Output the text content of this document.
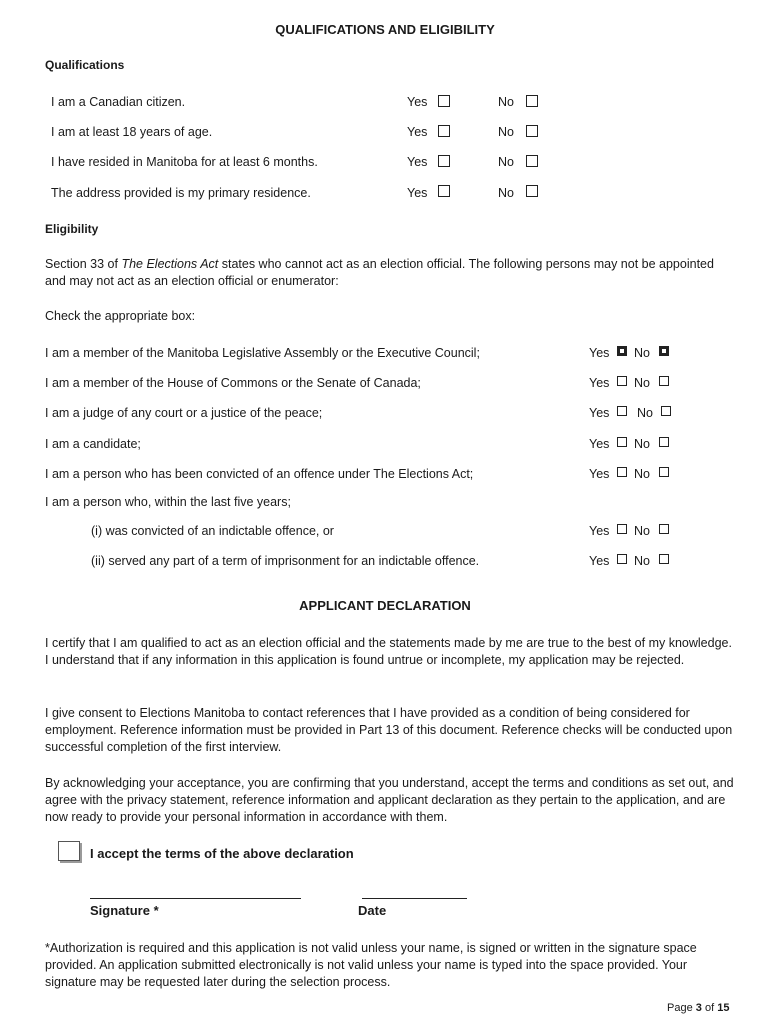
QUALIFICATIONS AND ELIGIBILITY
Qualifications
I am a Canadian citizen.	Yes	No
I am at least 18 years of age.	Yes	No
I have resided in Manitoba for at least 6 months.	Yes	No
The address provided is my primary residence.	Yes	No
Eligibility
Section 33 of The Elections Act states who cannot act as an election official. The following persons may not be appointed and may not act as an election official or enumerator:
Check the appropriate box:
I am a member of the Manitoba Legislative Assembly or the Executive Council;	Yes No
I am a member of the House of Commons or the Senate of Canada;	Yes No
I am a judge of any court or a justice of the peace;	Yes No
I am a candidate;	Yes No
I am a person who has been convicted of an offence under The Elections Act;	Yes No
I am a person who, within the last five years;
(i) was convicted of an indictable offence, or	Yes No
(ii) served any part of a term of imprisonment for an indictable offence.	Yes No
APPLICANT DECLARATION
I certify that I am qualified to act as an election official and the statements made by me are true to the best of my knowledge. I understand that if any information in this application is found untrue or incomplete, my application may be rejected.
I give consent to Elections Manitoba to contact references that I have provided as a condition of being considered for employment. Reference information must be provided in Part 13 of this document. Reference checks will be conducted upon successful completion of the first interview.
By acknowledging your acceptance, you are confirming that you understand, accept the terms and conditions as set out, and agree with the privacy statement, reference information and applicant declaration as they pertain to the application, and are now ready to provide your personal information in accordance with them.
I accept the terms of the above declaration
Signature *	Date
*Authorization is required and this application is not valid unless your name, is signed or written in the signature space provided. An application submitted electronically is not valid unless your name is typed into the space provided. Your signature may be requested later during the selection process.
Page 3 of 15
